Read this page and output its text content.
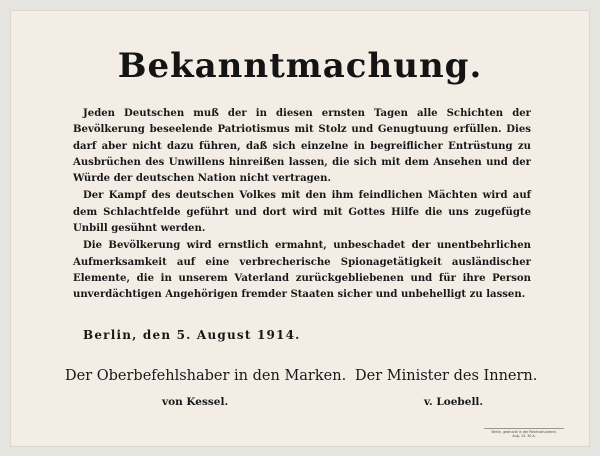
Bekanntmachung.

Jeden Deutschen muß der in diesen ernsten Tagen alle Schichten der Bevölkerung beseelende Patriotismus mit Stolz und Genugtuung erfüllen. Dies darf aber nicht dazu führen, daß sich einzelne in begreiflicher Entrüstung zu Ausbrüchen des Unwillens hinreißen lassen, die sich mit dem Ansehen und der Würde der deutschen Nation nicht vertragen.

Der Kampf des deutschen Volkes mit den ihm feindlichen Mächten wird auf dem Schlachtfelde geführt und dort wird mit Gottes Hilfe die uns zugefügte Unbill gesühnt werden.

Die Bevölkerung wird ernstlich ermahnt, unbeschadet der unentbehrlichen Aufmerksamkeit auf eine verbrecherische Spionagetätigkeit ausländischer Elemente, die in unserem Vaterland zurückgebliebenen und für ihre Person unverdächtigen Angehörigen fremder Staaten sicher und unbehelligt zu lassen.

Berlin, den 5. August 1914.
Der Oberbefehlshaber in den Marken. Der Minister des Innern.
von Kessel.	v. Loebell.
Berlin, gedruckt in der Reichsdruckerei.
Aug. 14. 30 a.
